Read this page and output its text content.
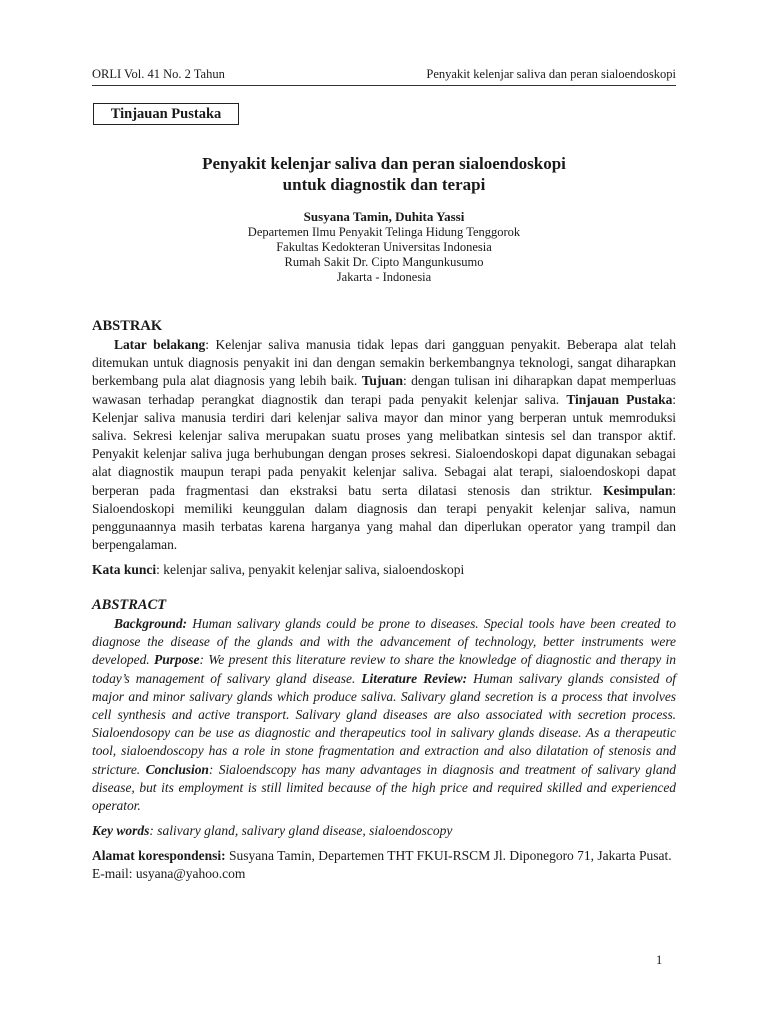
ORLI Vol. 41 No. 2 Tahun	Penyakit kelenjar saliva dan peran sialoendoskopi
Tinjauan Pustaka

Penyakit kelenjar saliva dan peran sialoendoskopi
untuk diagnostik dan terapi

Susyana Tamin, Duhita Yassi
Departemen Ilmu Penyakit Telinga Hidung Tenggorok
Fakultas Kedokteran Universitas Indonesia
Rumah Sakit Dr. Cipto Mangunkusumo
Jakarta - Indonesia
ABSTRAK

Latar belakang: Kelenjar saliva manusia tidak lepas dari gangguan penyakit. Beberapa alat telah ditemukan untuk diagnosis penyakit ini dan dengan semakin berkembangnya teknologi, sangat diharapkan berkembang pula alat diagnosis yang lebih baik. Tujuan: dengan tulisan ini diharapkan dapat memperluas wawasan terhadap perangkat diagnostik dan terapi pada penyakit kelenjar saliva. Tinjauan Pustaka: Kelenjar saliva manusia terdiri dari kelenjar saliva mayor dan minor yang berperan untuk memroduksi saliva. Sekresi kelenjar saliva merupakan suatu proses yang melibatkan sintesis sel dan transpor aktif. Penyakit kelenjar saliva juga berhubungan dengan proses sekresi. Sialoendoskopi dapat digunakan sebagai alat diagnostik maupun terapi pada penyakit kelenjar saliva. Sebagai alat terapi, sialoendoskopi dapat berperan pada fragmentasi dan ekstraksi batu serta dilatasi stenosis dan striktur. Kesimpulan: Sialoendoskopi memiliki keunggulan dalam diagnosis dan terapi penyakit kelenjar saliva, namun penggunaannya masih terbatas karena harganya yang mahal dan diperlukan operator yang trampil dan berpengalaman.

Kata kunci: kelenjar saliva, penyakit kelenjar saliva, sialoendoskopi

ABSTRACT

Background: Human salivary glands could be prone to diseases. Special tools have been created to diagnose the disease of the glands and with the advancement of technology, better instruments were developed. Purpose: We present this literature review to share the knowledge of diagnostic and therapy in today’s management of salivary gland disease. Literature Review: Human salivary glands consisted of major and minor salivary glands which produce saliva. Salivary gland secretion is a process that involves cell synthesis and active transport. Salivary gland diseases are also associated with secretion process. Sialoendosopy can be use as diagnostic and therapeutics tool in salivary glands disease. As a therapeutic tool, sialoendoscopy has a role in stone fragmentation and extraction and also dilatation of stenosis and stricture. Conclusion: Sialoendscopy has many advantages in diagnosis and treatment of salivary gland disease, but its employment is still limited because of the high price and required skilled and experienced operator.

Key words: salivary gland, salivary gland disease, sialoendoscopy

Alamat korespondensi: Susyana Tamin, Departemen THT FKUI-RSCM Jl. Diponegoro 71, Jakarta Pusat. E-mail: usyana@yahoo.com

1
